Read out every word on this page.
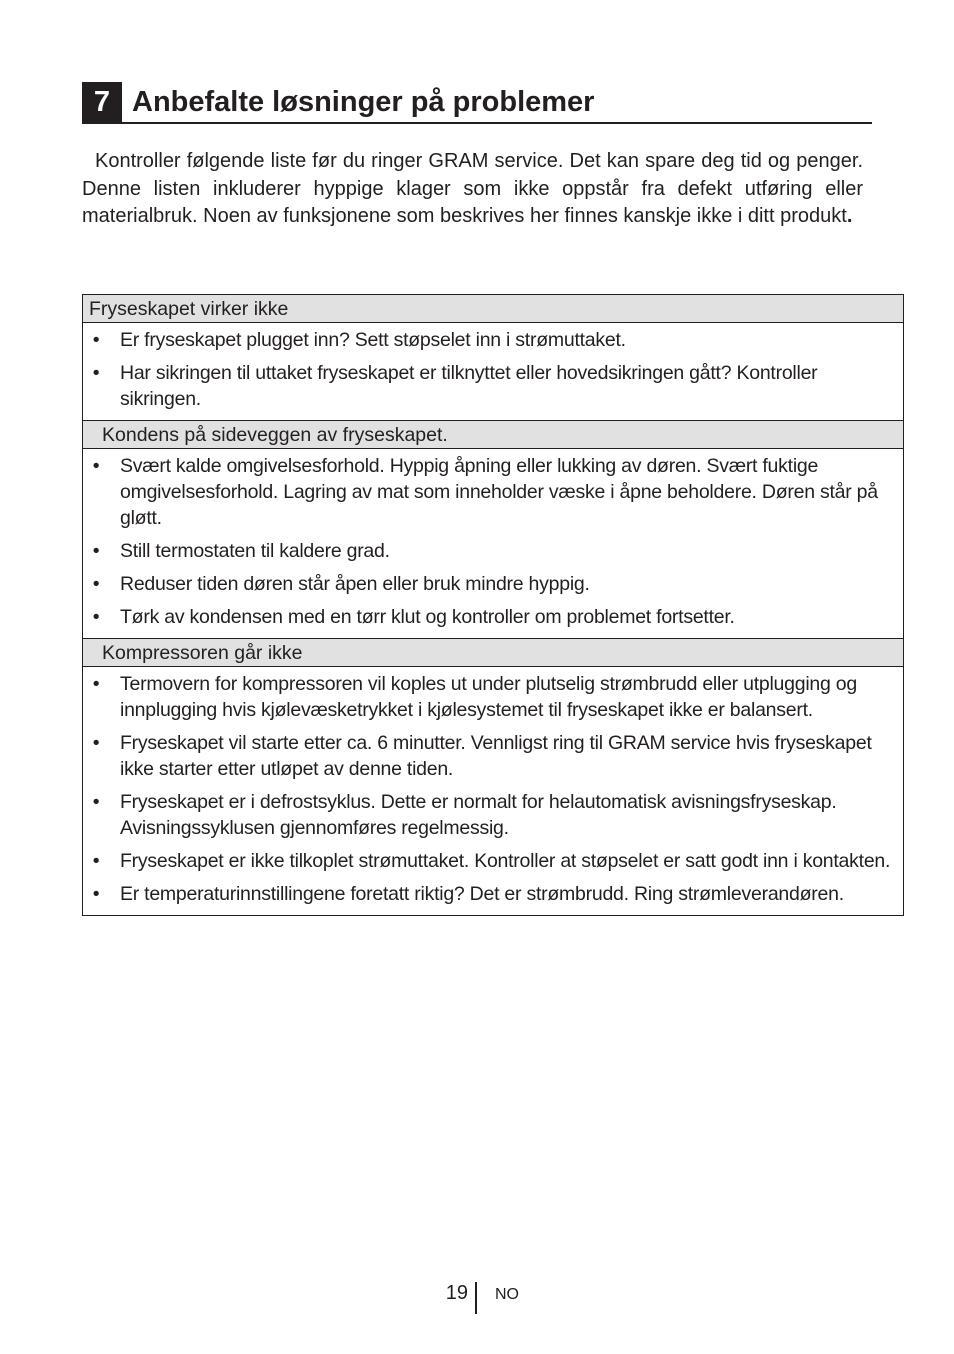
7 Anbefalte løsninger på problemer

Kontroller følgende liste før du ringer GRAM service. Det kan spare deg tid og penger. Denne listen inkluderer hyppige klager som ikke oppstår fra defekt utføring eller materialbruk. Noen av funksjonene som beskrives her finnes kanskje ikke i ditt produkt.

Fryseskapet virker ikke
• Er fryseskapet plugget inn? Sett støpselet inn i strømuttaket.
• Har sikringen til uttaket fryseskapet er tilknyttet eller hovedsikringen gått? Kontroller sikringen.
Kondens på sideveggen av fryseskapet.
• Svært kalde omgivelsesforhold. Hyppig åpning eller lukking av døren. Svært fuktige omgivelsesforhold. Lagring av mat som inneholder væske i åpne beholdere. Døren står på gløtt.
• Still termostaten til kaldere grad.
• Reduser tiden døren står åpen eller bruk mindre hyppig.
• Tørk av kondensen med en tørr klut og kontroller om problemet fortsetter.
Kompressoren går ikke
• Termovern for kompressoren vil koples ut under plutselig strømbrudd eller utplugging og innplugging hvis kjølevæsketrykket i kjølesystemet til fryseskapet ikke er balansert.
• Fryseskapet vil starte etter ca. 6 minutter. Vennligst ring til GRAM service hvis fryseskapet ikke starter etter utløpet av denne tiden.
• Fryseskapet er i defrostsyklus. Dette er normalt for helautomatisk avisningsfryseskap. Avisningssyklusen gjennomføres regelmessig.
• Fryseskapet er ikke tilkoplet strømuttaket. Kontroller at støpselet er satt godt inn i kontakten.
• Er temperaturinnstillingene foretatt riktig? Det er strømbrudd. Ring strømleverandøren.
19 NO
